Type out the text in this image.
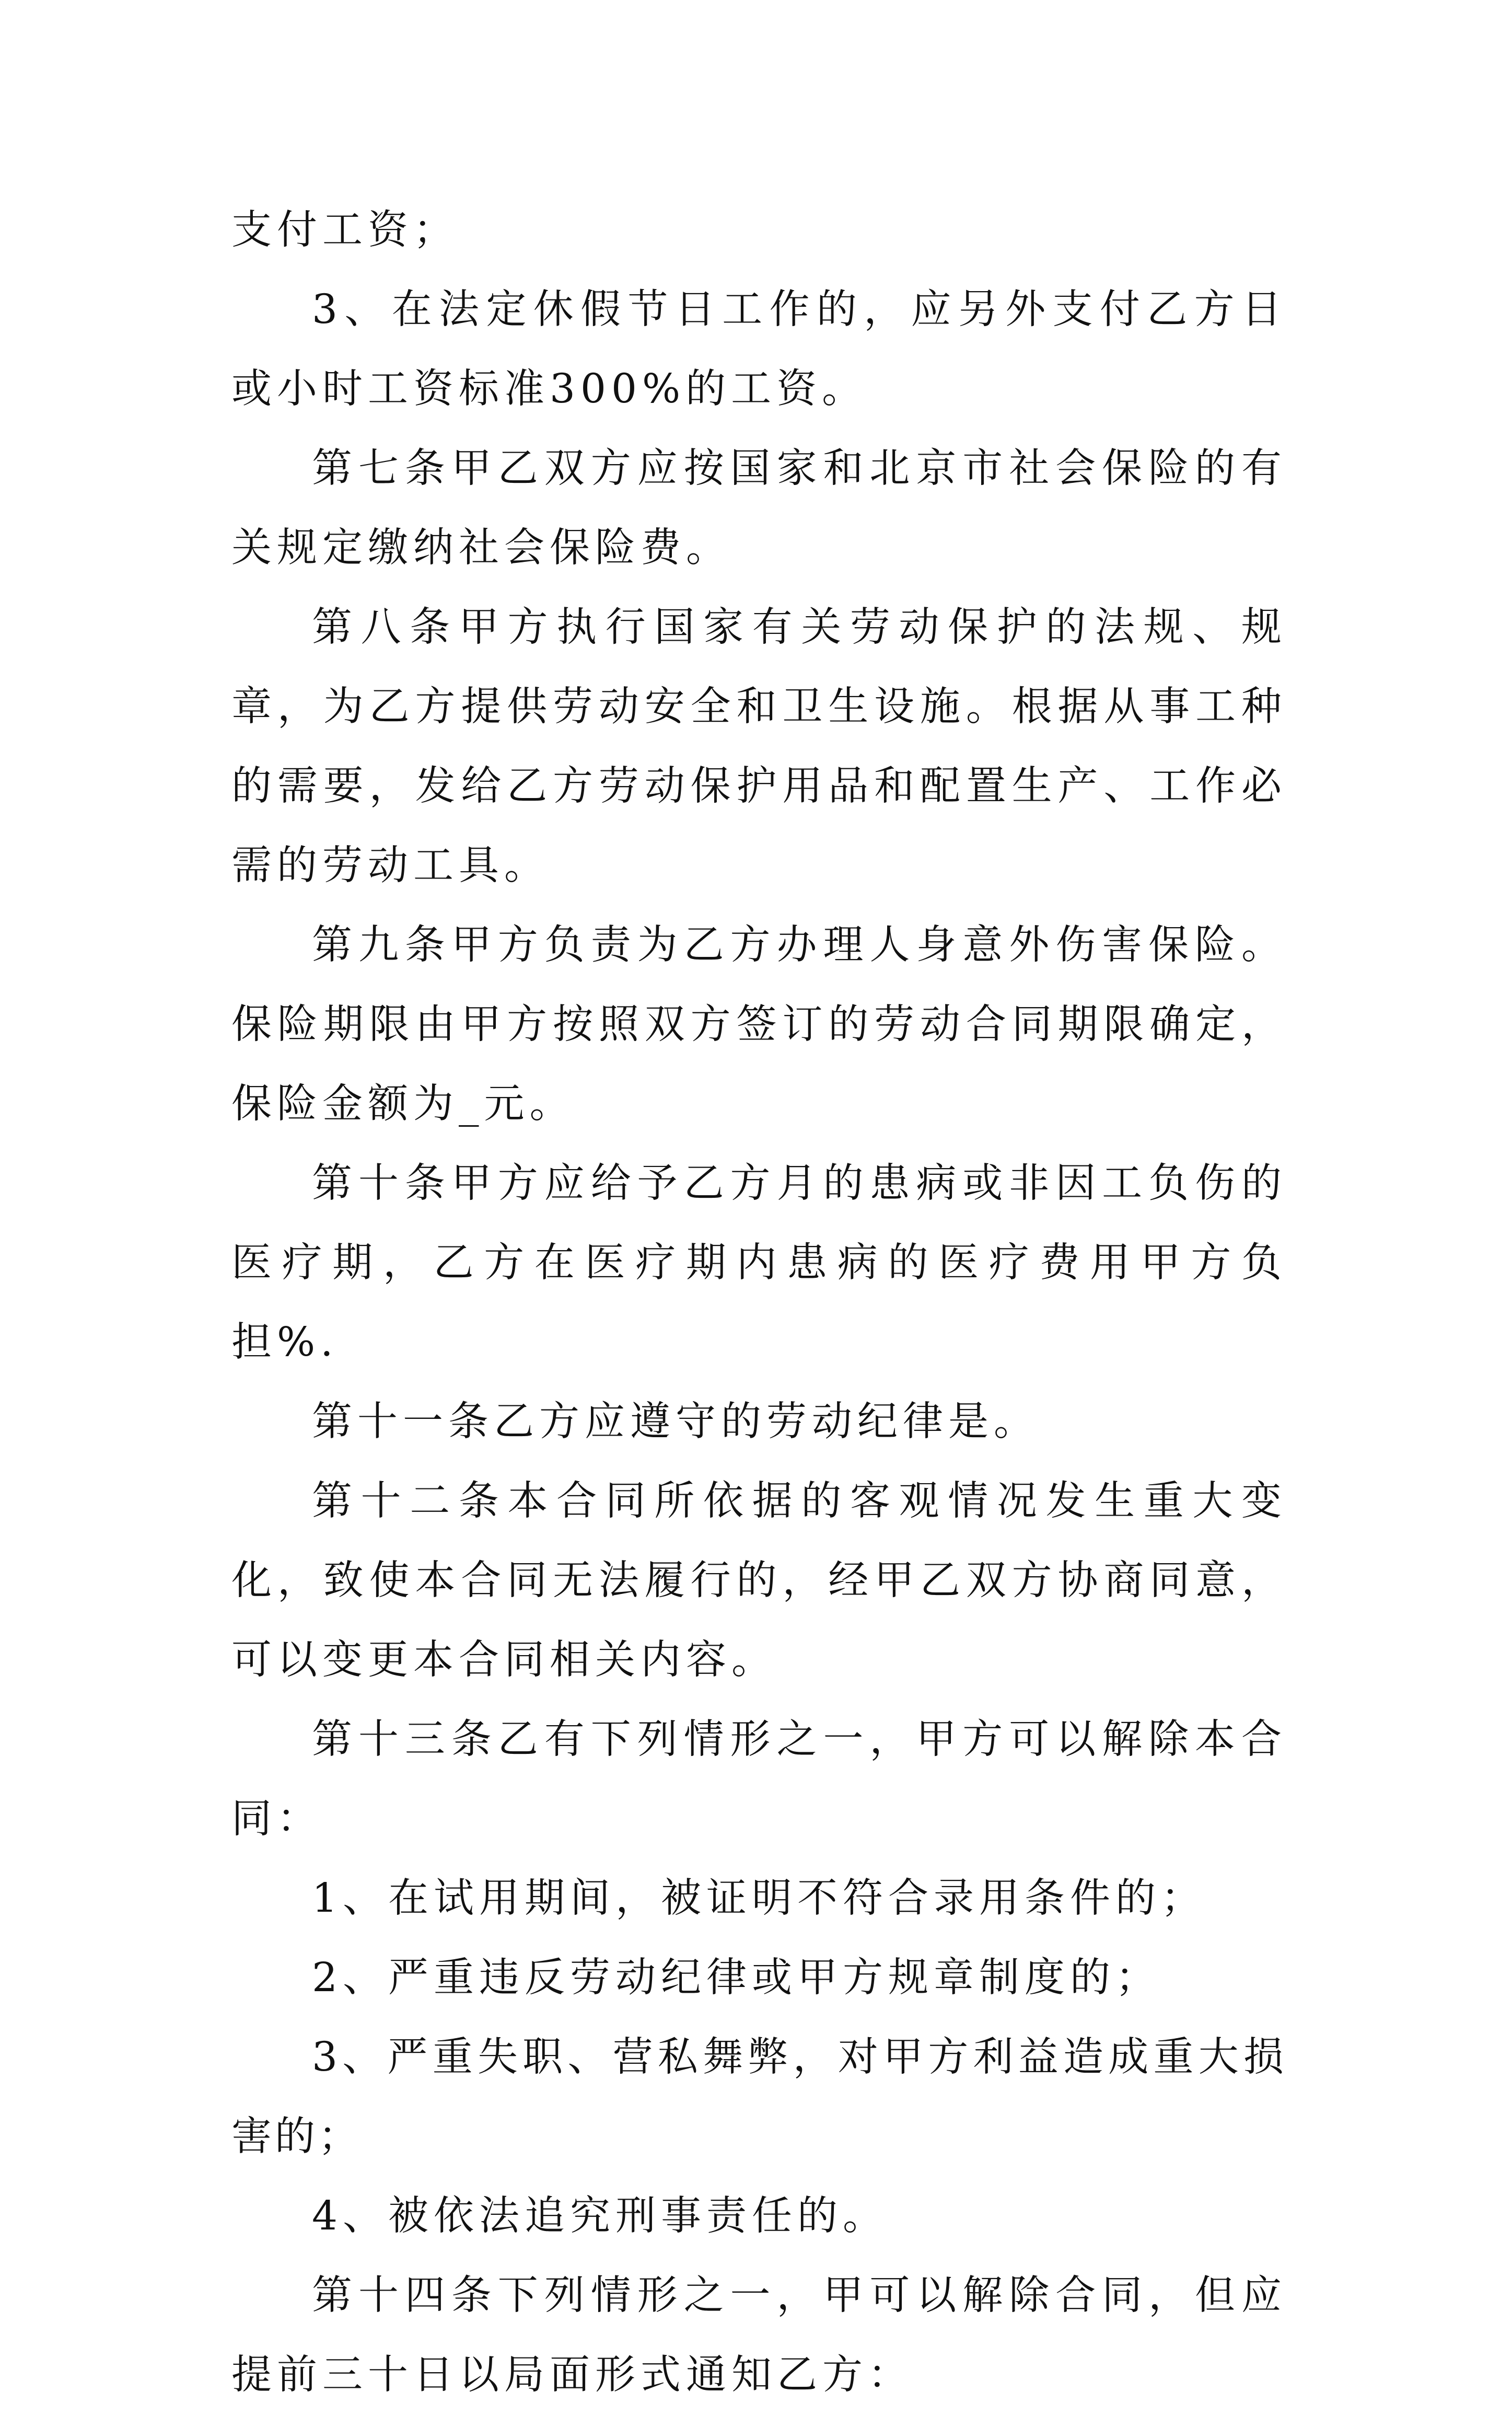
支付工资；

3、在法定休假节日工作的，应另外支付乙方日或小时工资标准300%的工资。

第七条甲乙双方应按国家和北京市社会保险的有关规定缴纳社会保险费。

第八条甲方执行国家有关劳动保护的法规、规章，为乙方提供劳动安全和卫生设施。根据从事工种的需要，发给乙方劳动保护用品和配置生产、工作必需的劳动工具。

第九条甲方负责为乙方办理人身意外伤害保险。保险期限由甲方按照双方签订的劳动合同期限确定，保险金额为_元。

第十条甲方应给予乙方月的患病或非因工负伤的医疗期，乙方在医疗期内患病的医疗费用甲方负担%.

第十一条乙方应遵守的劳动纪律是。

第十二条本合同所依据的客观情况发生重大变化，致使本合同无法履行的，经甲乙双方协商同意，可以变更本合同相关内容。

第十三条乙有下列情形之一，甲方可以解除本合同：

1、在试用期间，被证明不符合录用条件的；

2、严重违反劳动纪律或甲方规章制度的；

3、严重失职、营私舞弊，对甲方利益造成重大损害的；

4、被依法追究刑事责任的。

第十四条下列情形之一，甲可以解除合同，但应提前三十日以局面形式通知乙方：
